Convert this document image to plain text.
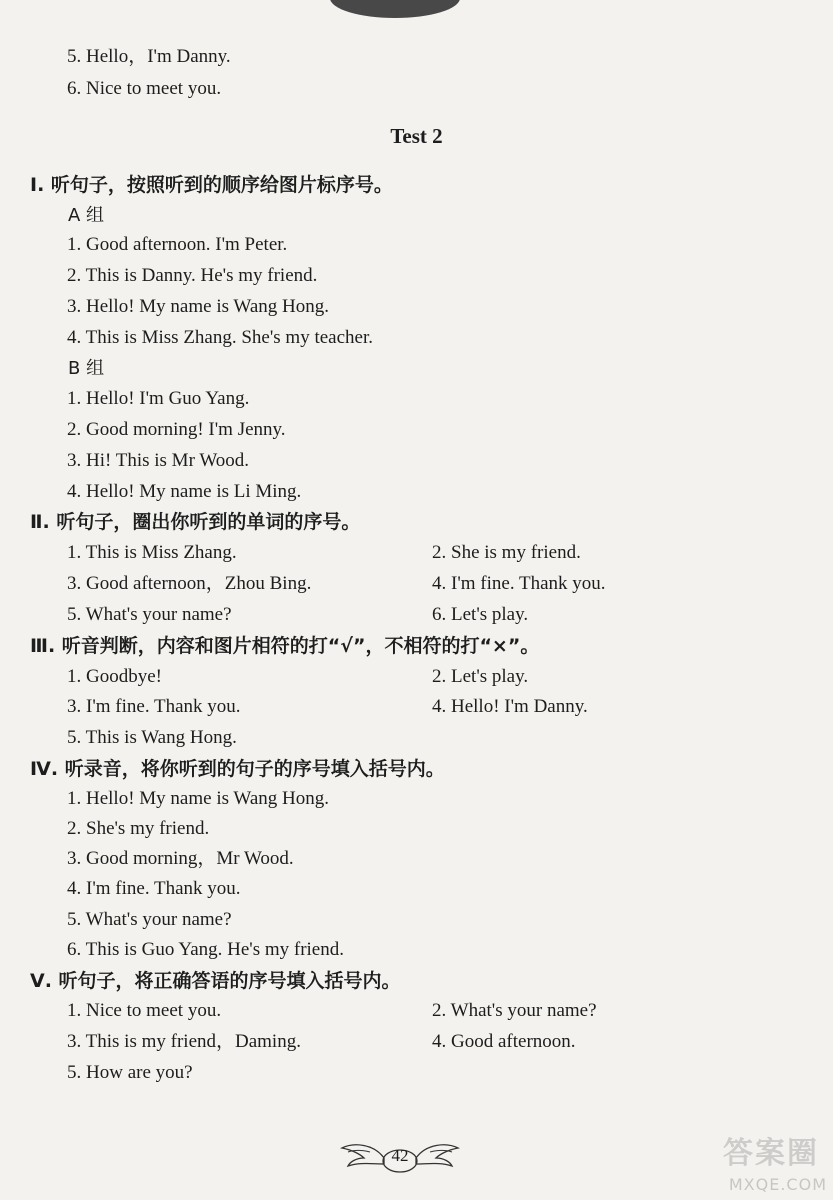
5. Hello，I'm Danny.
6. Nice to meet you.
Test 2
Ⅰ. 听句子，按照听到的顺序给图片标序号。
A 组
1. Good afternoon. I'm Peter.
2. This is Danny. He's my friend.
3. Hello! My name is Wang Hong.
4. This is Miss Zhang. She's my teacher.
B 组
1. Hello! I'm Guo Yang.
2. Good morning! I'm Jenny.
3. Hi! This is Mr Wood.
4. Hello! My name is Li Ming.
Ⅱ. 听句子，圈出你听到的单词的序号。
1. This is Miss Zhang.	2. She is my friend.
3. Good afternoon，Zhou Bing.	4. I'm fine. Thank you.
5. What's your name?	6. Let's play.
Ⅲ. 听音判断，内容和图片相符的打“√”，不相符的打“×”。
1. Goodbye!	2. Let's play.
3. I'm fine. Thank you.	4. Hello! I'm Danny.
5. This is Wang Hong.
Ⅳ. 听录音，将你听到的句子的序号填入括号内。
1. Hello! My name is Wang Hong.
2. She's my friend.
3. Good morning，Mr Wood.
4. I'm fine. Thank you.
5. What's your name?
6. This is Guo Yang. He's my friend.
Ⅴ. 听句子，将正确答语的序号填入括号内。
1. Nice to meet you.	2. What's your name?
3. This is my friend，Daming.	4. Good afternoon.
5. How are you?
42	答案圈
MXQE.COM
